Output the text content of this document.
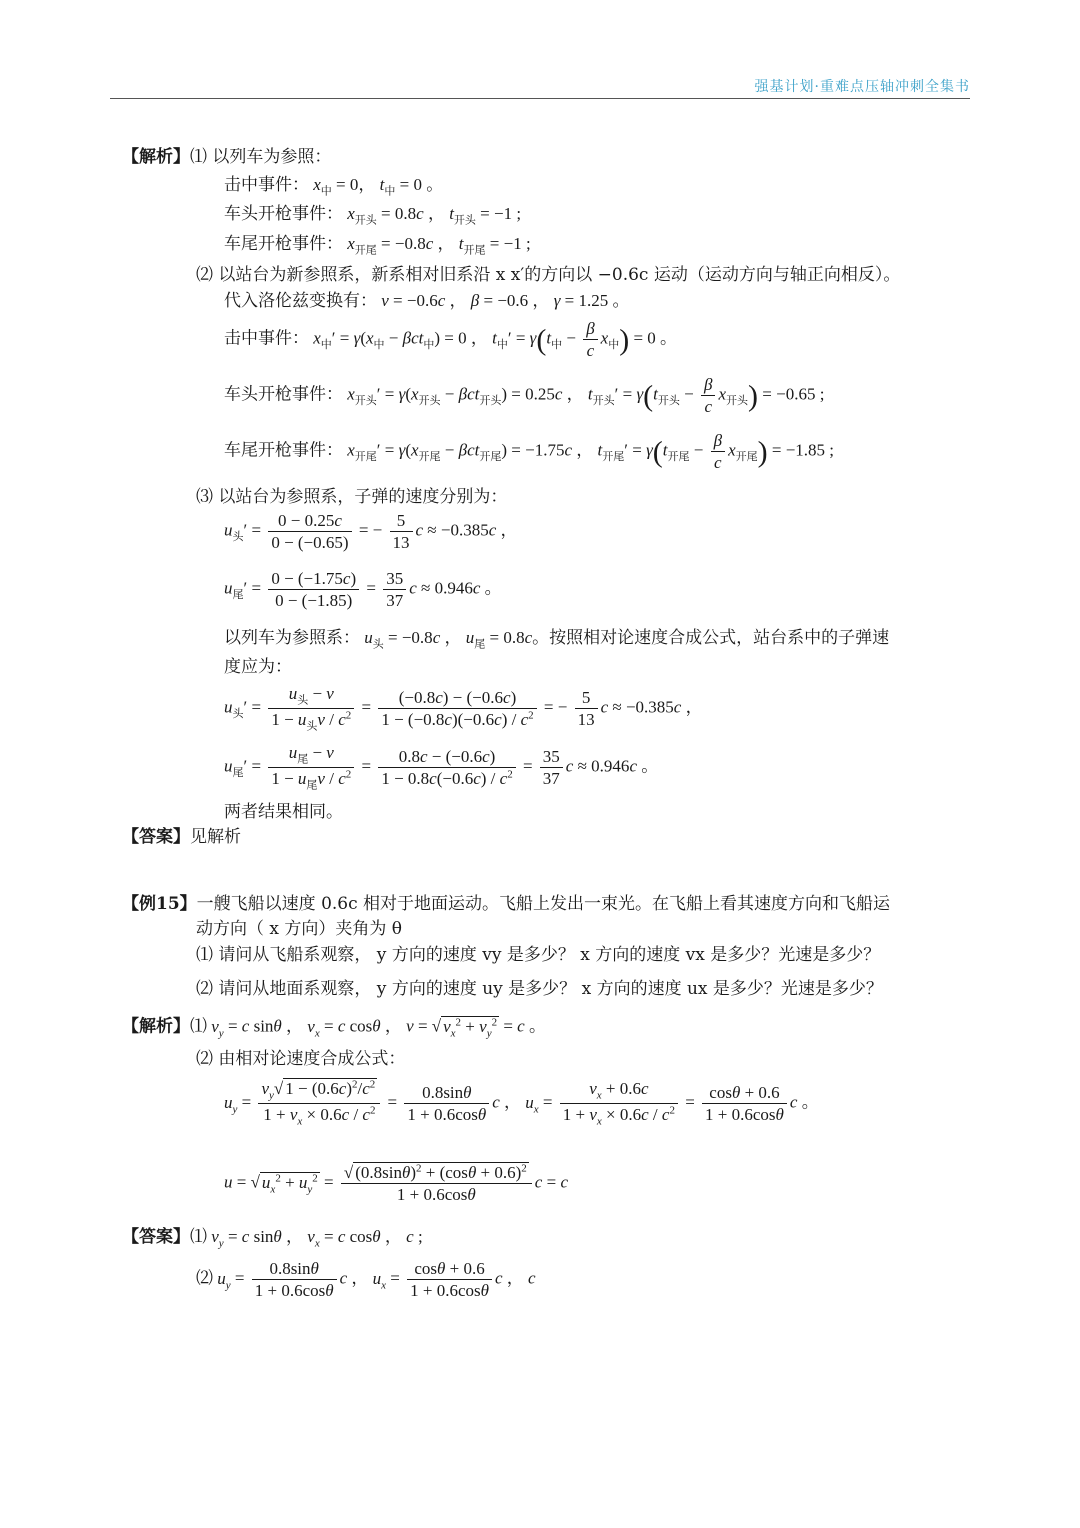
强基计划·重难点压轴冲刺全集书
【解析】⑴ 以列车为参照：
击中事件： $x_中 = 0$， $t_中 = 0$ 。
车头开枪事件： $x_{开头} = 0.8c$ ， $t_{开头} = -1$ ;
车尾开枪事件： $x_{开尾} = -0.8c$ ， $t_{开尾} = -1$ ;
⑵ 以站台为新参照系，新系相对旧系沿 x x′的方向以 −0.6c 运动（运动方向与轴正向相反）。
代入洛伦兹变换有： v = −0.6c ， β = −0.6 ， γ = 1.25 。
击中事件： $x_中' = \gamma(x_中 - \beta ct_中) = 0$ ， $t_中' = \gamma(t_中 - \frac{\beta}{c} x_中) = 0$ 。
车头开枪事件： $x_{开头}' = \gamma(x_{开头} - \beta ct_{开头}) = 0.25c$ ， $t_{开头}' = \gamma(t_{开头} - \frac{\beta}{c} x_{开头}) = -0.65$ ;
车尾开枪事件： $x_{开尾}' = \gamma(x_{开尾} - \beta ct_{开尾}) = -1.75c$ ， $t_{开尾}' = \gamma(t_{开尾} - \frac{\beta}{c} x_{开尾}) = -1.85$ ;
⑶ 以站台为参照系，子弹的速度分别为：
$u_头' = \frac{0 - 0.25c}{0 - (-0.65)}$ = − $\frac{5}{13}$ c ≈ −0.385c ，
$u_尾' = \frac{0 - (-1.75c)}{0 - (-1.85)} = \frac{35}{37}$ c ≈ 0.946c 。
以列车为参照系： $u_头 = -0.8c$ ， $u_尾 = 0.8c$。按照相对论速度合成公式，站台系中的子弹速
度应为：
$u_头' = \frac{u_头 - v}{1 - u_头v / c^2} = \frac{(-0.8c) - (-0.6c)}{1 - (-0.8c)(-0.6c) / c^2}$ = − $\frac{5}{13}$ c ≈ −0.385c ，
$u_尾' = \frac{u_尾 - v}{1 - u_尾v / c^2} = \frac{0.8c - (-0.6c)}{1 - 0.8c(-0.6c) / c^2} = \frac{35}{37}$ c ≈ 0.946c 。
两者结果相同。
【答案】见解析
【例15】一艘飞船以速度 0.6c 相对于地面运动。飞船上发出一束光。在飞船上看其速度方向和飞船运
动方向（ x 方向）夹角为 θ
⑴ 请问从飞船系观察， y 方向的速度 vy 是多少？ x 方向的速度 vx 是多少？光速是多少？
⑵ 请问从地面系观察， y 方向的速度 uy 是多少？ x 方向的速度 ux 是多少？光速是多少？
【解析】⑴ $v_y = c$ sinθ ， $v_x = c$ cosθ ， v = √ $v_x^2 + v_y^2 = c$ 。
⑵ 由相对论速度合成公式：
$u_y = \frac{v_y√ 1 - (0.6c)^2/c^2}{1 + v_x \times 0.6c / c^2} = \frac{0.8\sin\theta}{1 + 0.6\cos\theta}$ c ， $u_x = \frac{v_x + 0.6c}{1 + v_x \times 0.6c / c^2} = \frac{\cos\theta + 0.6}{1 + 0.6\cos\theta}$ c 。
u = √ $u_x^2 + u_y^2 = \frac{√ (0.8\sin\theta)^2 + (\cos\theta + 0.6)^2}{1 + 0.6\cos\theta}$ c = c
【答案】⑴ $v_y = c$ sinθ ， $v_x = c$ cosθ ， c ;
⑵ $u_y = \frac{0.8\sin\theta}{1 + 0.6\cos\theta}$ c ， $u_x = \frac{\cos\theta + 0.6}{1 + 0.6\cos\theta}$ c ， c
